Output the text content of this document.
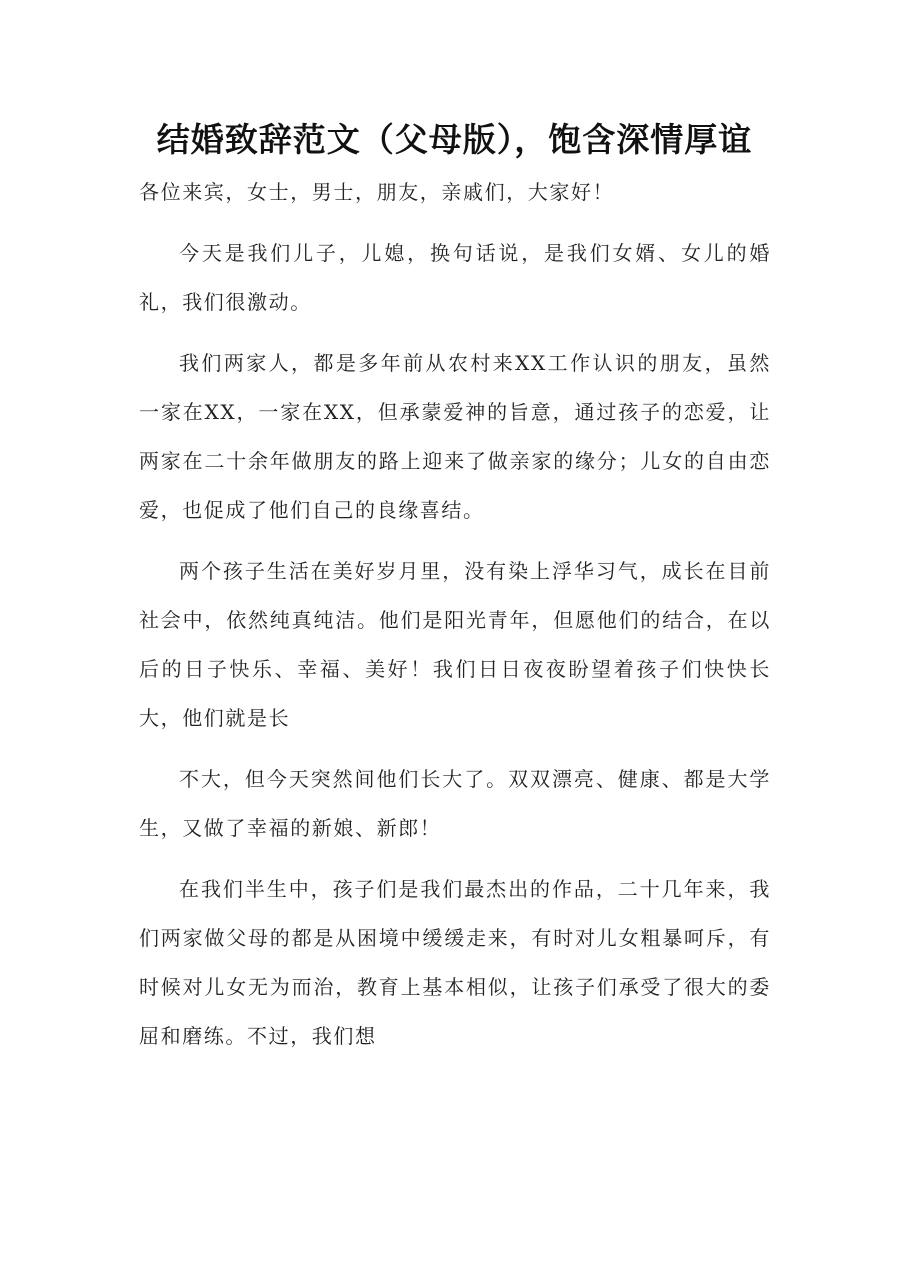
结婚致辞范文（父母版），饱含深情厚谊

各位来宾，女士，男士，朋友，亲戚们，大家好！

今天是我们儿子，儿媳，换句话说，是我们女婿、女儿的婚礼，我们很激动。

我们两家人，都是多年前从农村来XX工作认识的朋友，虽然一家在XX，一家在XX，但承蒙爱神的旨意，通过孩子的恋爱，让两家在二十余年做朋友的路上迎来了做亲家的缘分；儿女的自由恋爱，也促成了他们自己的良缘喜结。

两个孩子生活在美好岁月里，没有染上浮华习气，成长在目前社会中，依然纯真纯洁。他们是阳光青年，但愿他们的结合，在以后的日子快乐、幸福、美好！我们日日夜夜盼望着孩子们快快长大，他们就是长

不大，但今天突然间他们长大了。双双漂亮、健康、都是大学生，又做了幸福的新娘、新郎！

在我们半生中，孩子们是我们最杰出的作品，二十几年来，我们两家做父母的都是从困境中缓缓走来，有时对儿女粗暴呵斥，有时候对儿女无为而治，教育上基本相似，让孩子们承受了很大的委屈和磨练。不过，我们想
